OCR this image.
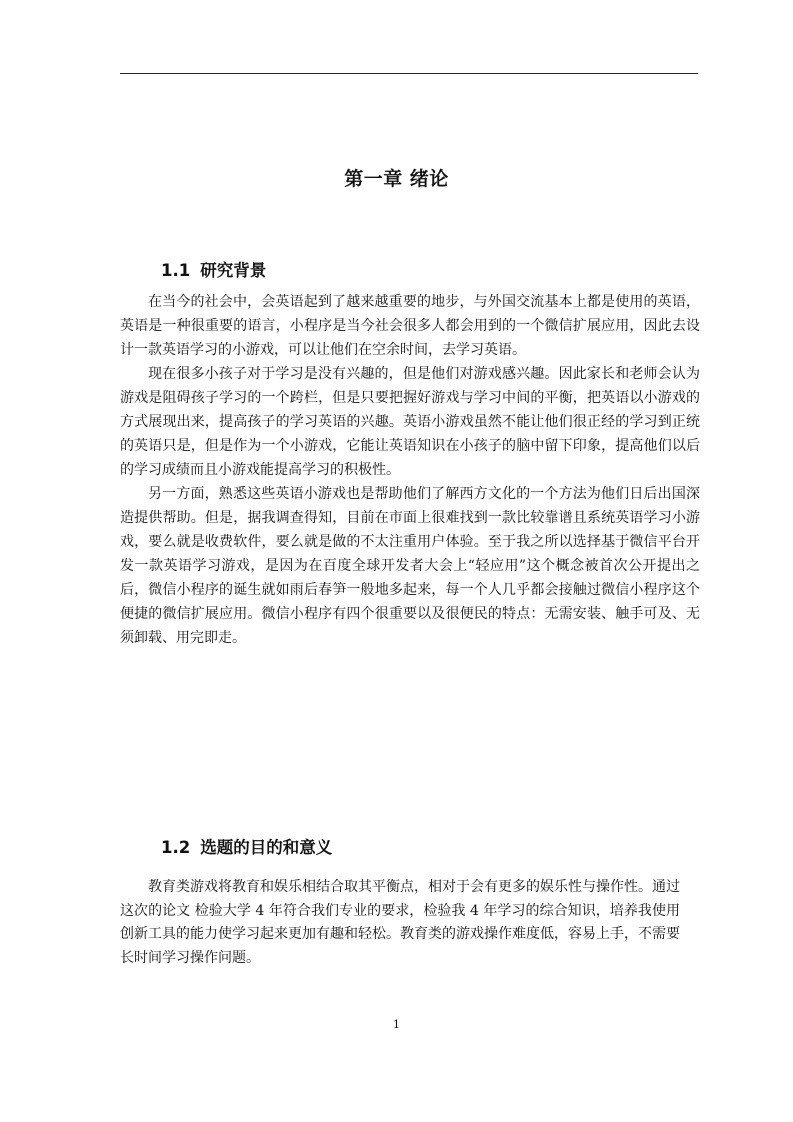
第一章 绪论
1.1 研究背景

在当今的社会中，会英语起到了越来越重要的地步，与外国交流基本上都是使用的英语，英语是一种很重要的语言，小程序是当今社会很多人都会用到的一个微信扩展应用，因此去设计一款英语学习的小游戏，可以让他们在空余时间，去学习英语。

现在很多小孩子对于学习是没有兴趣的，但是他们对游戏感兴趣。因此家长和老师会认为游戏是阻碍孩子学习的一个跨栏，但是只要把握好游戏与学习中间的平衡，把英语以小游戏的方式展现出来，提高孩子的学习英语的兴趣。英语小游戏虽然不能让他们很正经的学习到正统的英语只是，但是作为一个小游戏，它能让英语知识在小孩子的脑中留下印象，提高他们以后的学习成绩而且小游戏能提高学习的积极性。

另一方面，熟悉这些英语小游戏也是帮助他们了解西方文化的一个方法为他们日后出国深造提供帮助。但是，据我调查得知，目前在市面上很难找到一款比较靠谱且系统英语学习小游戏，要么就是收费软件，要么就是做的不太注重用户体验。至于我之所以选择基于微信平台开发一款英语学习游戏，是因为在百度全球开发者大会上“轻应用”这个概念被首次公开提出之后，微信小程序的诞生就如雨后春笋一般地多起来，每一个人几乎都会接触过微信小程序这个便捷的微信扩展应用。微信小程序有四个很重要以及很便民的特点：无需安装、触手可及、无须卸载、用完即走。

1.2 选题的目的和意义

教育类游戏将教育和娱乐相结合取其平衡点，相对于会有更多的娱乐性与操作性。通过这次的论文 检验大学 4 年符合我们专业的要求，检验我 4 年学习的综合知识，培养我使用创新工具的能力使学习起来更加有趣和轻松。教育类的游戏操作难度低，容易上手，不需要长时间学习操作问题。

1
